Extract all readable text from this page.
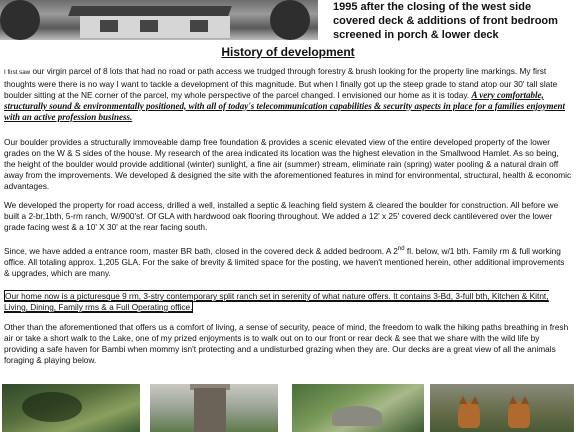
1995 after the closing of the west side
covered deck & additions of front bedroom
screened in porch & lower deck
History of development
I first saw our virgin parcel of 8 lots that had no road or path access we trudged through forestry & brush looking for the property line markings. My first thoughts were there is no way I want to tackle a development of this magnitude. But when I finally got up the steep grade to stand atop our 30' tall slate boulder sitting at the NE corner of the parcel, my whole perspective of the parcel changed. I envisioned our home as it is today. A very comfortable, structurally sound & environmentally positioned, with all of today's telecommunication capabilities & security aspects in place for a families enjoyment with an active profession business.
Our boulder provides a structurally immoveable damp free foundation & provides a scenic elevated view of the entire developed property of the lower grades on the W & S sides of the house. My research of the area indicated its location was the highest elevation in the Smallwood Hamlet. As so being, the height of the boulder would provide additional (winter) sunlight, a fine air (summer) stream, eliminate rain (spring) water pooling & a natural drain off away from the improvements. We developed & designed the site with the aforementioned features in mind for environmental, structural, health & economic advantages.
We developed the property for road access, drilled a well, installed a septic & leaching field system & cleared the boulder for construction. All before we built a 2-br,1bth, 5-rm ranch, W/900'sf. Of GLA with hardwood oak flooring throughout. We added a 12' x 25' covered deck cantilevered over the lower grade facing west & a 10' X 30' at the rear facing south.
Since, we have added a entrance room, master BR bath, closed in the covered deck & added bedroom. A 2nd fl. below, w/1 bth. Family rm & full working office. All totaling approx. 1,205 GLA. For the sake of brevity & limited space for the posting, we haven't mentioned herein, other additional improvements & upgrades, which are many.
Our home now is a picturesque 9 rm, 3-stry contemporary split ranch set in serenity of what nature offers. It contains 3-Bd, 3-full bth, Kitchen & Kitnt, Living, Dining, Family rms & a Full Operating office.
Other than the aforementioned that offers us a comfort of living, a sense of security, peace of mind, the freedom to walk the hiking paths breathing in fresh air or take a short walk to the Lake, one of my prized enjoyments is to walk out on to our front or rear deck & see that we share with the wild life by providing a safe haven for Bambi when mommy isn't protecting and a undisturbed grazing when they are. Our decks are a great view of all the animals foraging & playing below.
